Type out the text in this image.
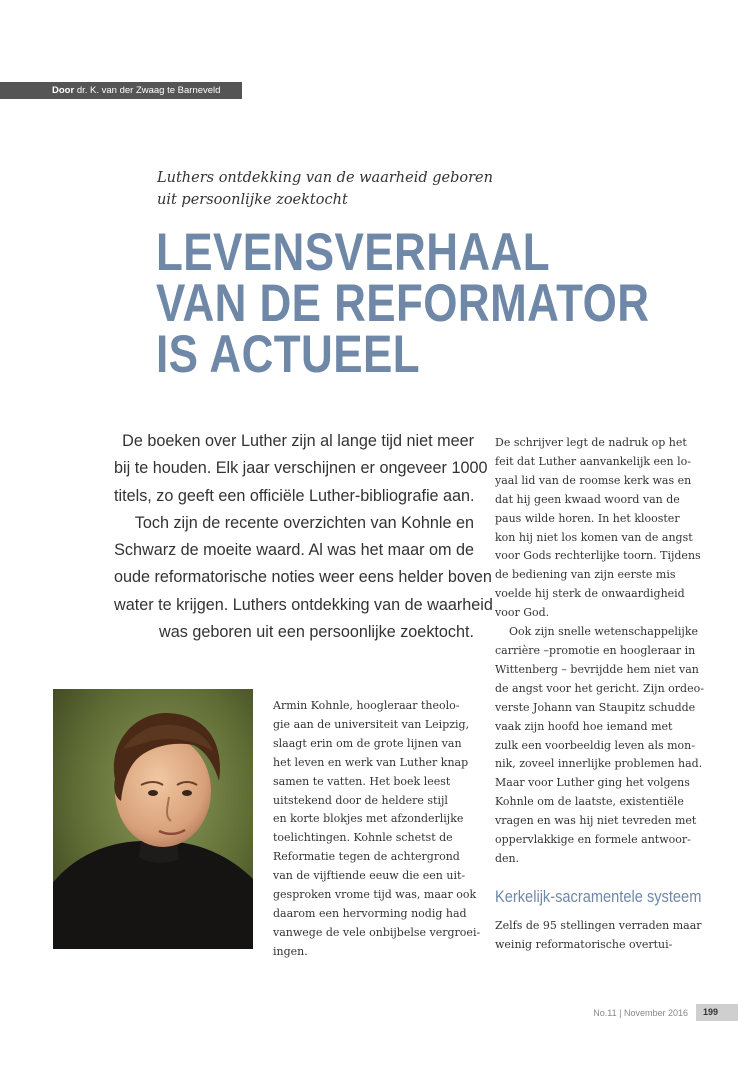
Door dr. K. van der Zwaag te Barneveld
Luthers ontdekking van de waarheid geboren
uit persoonlijke zoektocht
LEVENSVERHAAL
VAN DE REFORMATOR
IS ACTUEEL
De boeken over Luther zijn al lange tijd niet meer
bij te houden. Elk jaar verschijnen er ongeveer 1000
titels, zo geeft een officiële Luther-bibliografie aan.
Toch zijn de recente overzichten van Kohnle en
Schwarz de moeite waard. Al was het maar om de
oude reformatorische noties weer eens helder boven
water te krijgen. Luthers ontdekking van de waarheid
was geboren uit een persoonlijke zoektocht.
Armin Kohnle, hoogleraar theolo-
gie aan de universiteit van Leipzig,
slaagt erin om de grote lijnen van
het leven en werk van Luther knap
samen te vatten. Het boek leest
uitstekend door de heldere stijl
en korte blokjes met afzonderlijke
toelichtingen. Kohnle schetst de
Reformatie tegen de achtergrond
van de vijftiende eeuw die een uit-
gesproken vrome tijd was, maar ook
daarom een hervorming nodig had
vanwege de vele onbijbelse vergroei-
ingen.
De schrijver legt de nadruk op het
feit dat Luther aanvankelijk een lo-
yaal lid van de roomse kerk was en
dat hij geen kwaad woord van de
paus wilde horen. In het klooster
kon hij niet los komen van de angst
voor Gods rechterlijke toorn. Tijdens
de bediening van zijn eerste mis
voelde hij sterk de onwaardigheid
voor God.
Ook zijn snelle wetenschappelijke
carrière –promotie en hoogleraar in
Wittenberg – bevrijdde hem niet van
de angst voor het gericht. Zijn ordeo-
verste Johann van Staupitz schudde
vaak zijn hoofd hoe iemand met
zulk een voorbeeldig leven als mon-
nik, zoveel innerlijke problemen had.
Maar voor Luther ging het volgens
Kohnle om de laatste, existentiële
vragen en was hij niet tevreden met
oppervlakkige en formele antwoor-
den.
Kerkelijk-sacramentele systeem
Zelfs de 95 stellingen verraden maar
weinig reformatorische overtui-
No.11 | November 2016	199
